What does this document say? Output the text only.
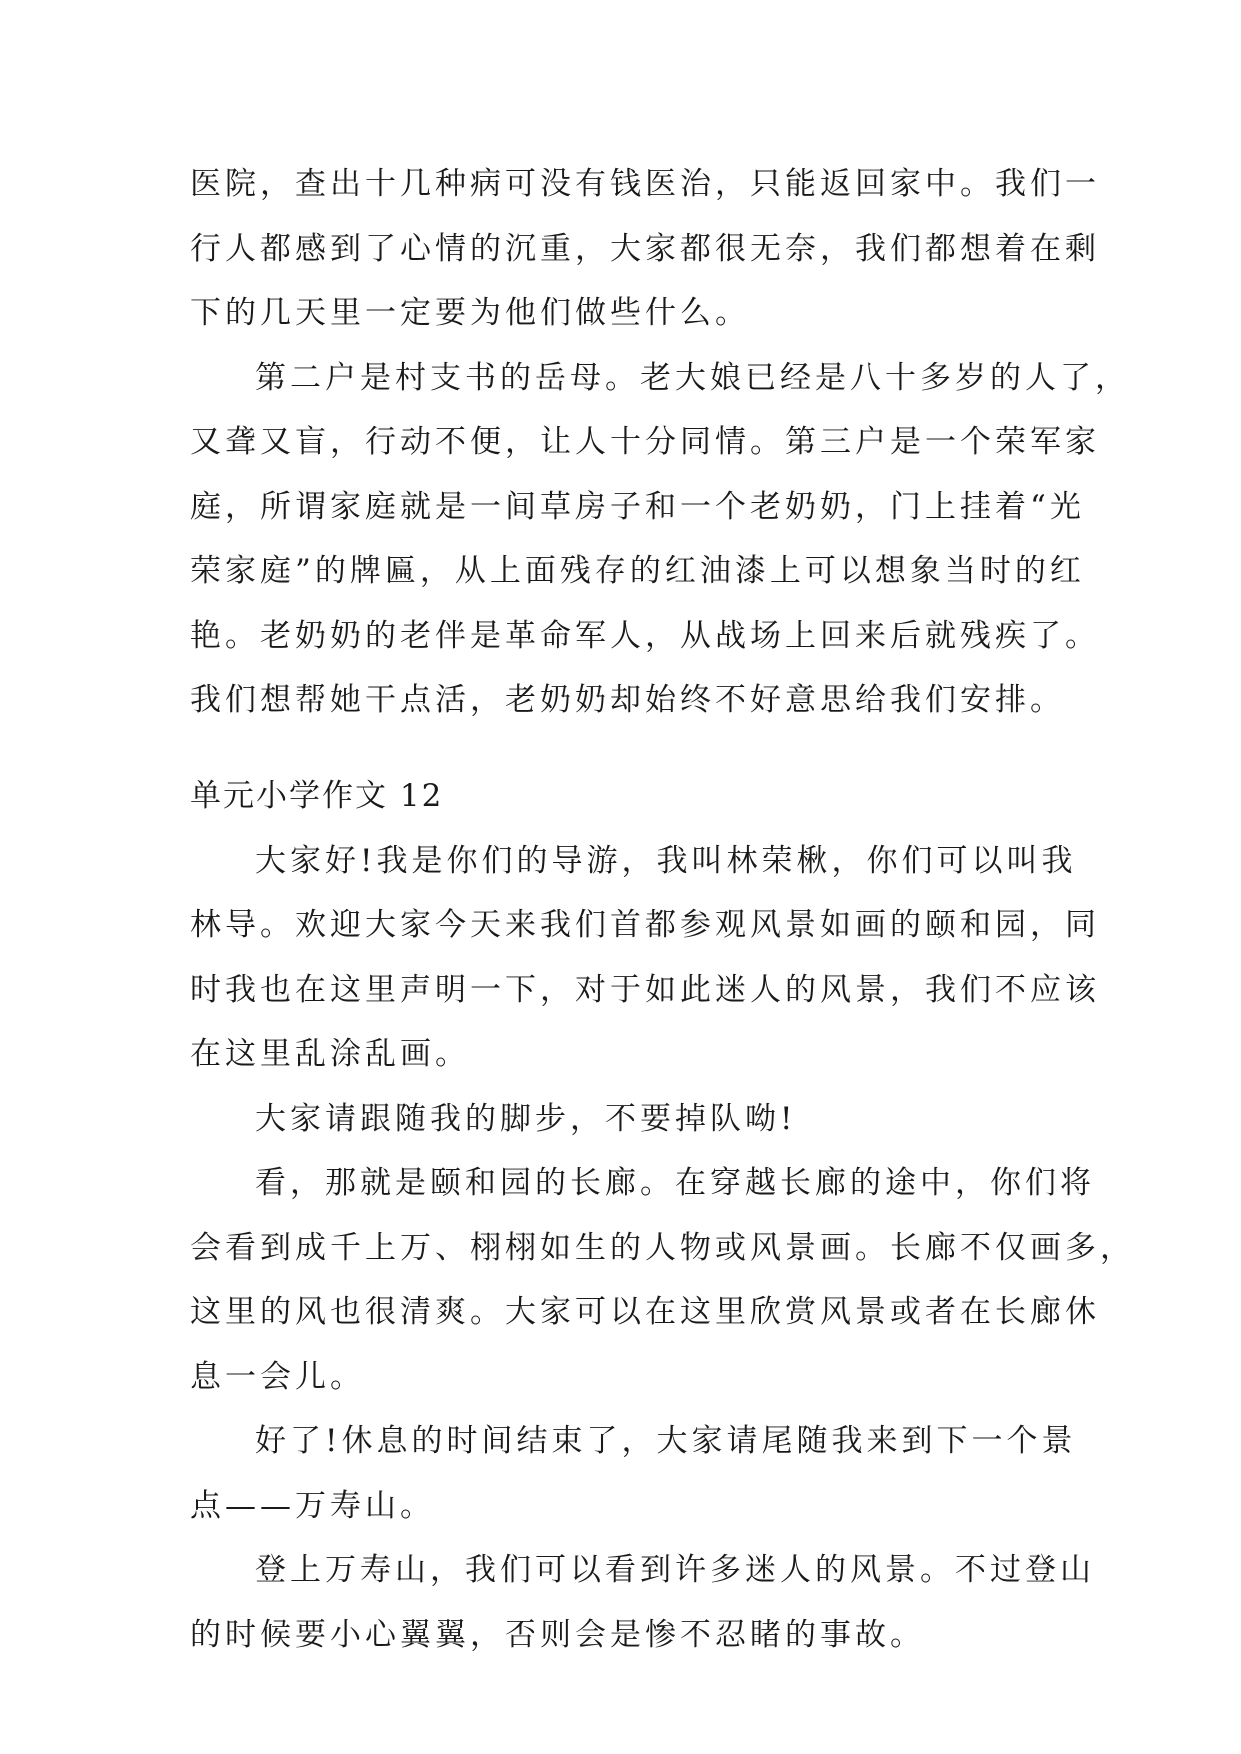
医院，查出十几种病可没有钱医治，只能返回家中。我们一
行人都感到了心情的沉重，大家都很无奈，我们都想着在剩
下的几天里一定要为他们做些什么。
第二户是村支书的岳母。老大娘已经是八十多岁的人了，
又聋又盲，行动不便，让人十分同情。第三户是一个荣军家
庭，所谓家庭就是一间草房子和一个老奶奶，门上挂着“光
荣家庭”的牌匾，从上面残存的红油漆上可以想象当时的红
艳。老奶奶的老伴是革命军人，从战场上回来后就残疾了。
我们想帮她干点活，老奶奶却始终不好意思给我们安排。
单元小学作文 12
大家好!我是你们的导游，我叫林荣楸，你们可以叫我
林导。欢迎大家今天来我们首都参观风景如画的颐和园，同
时我也在这里声明一下，对于如此迷人的风景，我们不应该
在这里乱涂乱画。
大家请跟随我的脚步，不要掉队呦!
看，那就是颐和园的长廊。在穿越长廊的途中，你们将
会看到成千上万、栩栩如生的人物或风景画。长廊不仅画多，
这里的风也很清爽。大家可以在这里欣赏风景或者在长廊休
息一会儿。
好了!休息的时间结束了，大家请尾随我来到下一个景
点——万寿山。
登上万寿山，我们可以看到许多迷人的风景。不过登山
的时候要小心翼翼，否则会是惨不忍睹的事故。
